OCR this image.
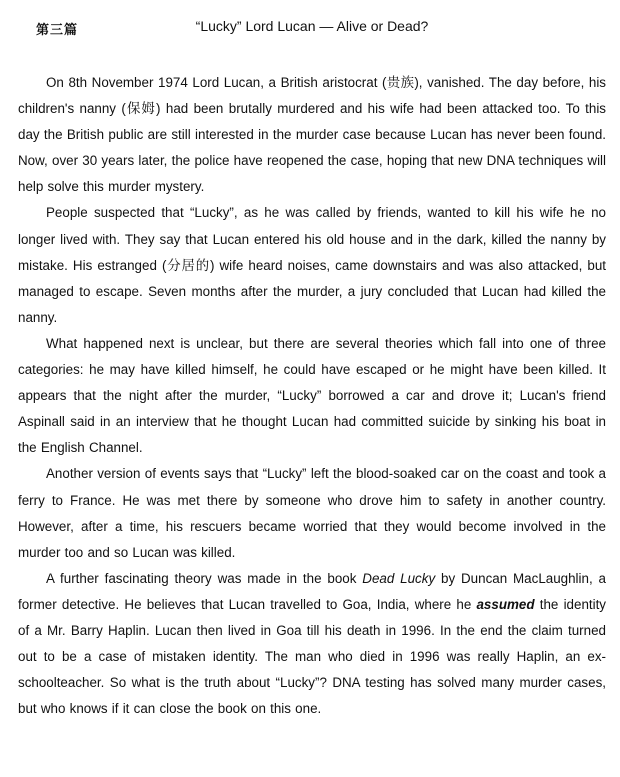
第三篇	“Lucky” Lord Lucan — Alive or Dead?

On 8th November 1974 Lord Lucan, a British aristocrat (贵族), vanished. The day before, his children's nanny (保姆) had been brutally murdered and his wife had been attacked too. To this day the British public are still interested in the murder case because Lucan has never been found. Now, over 30 years later, the police have reopened the case, hoping that new DNA techniques will help solve this murder mystery.

People suspected that “Lucky”, as he was called by friends, wanted to kill his wife he no longer lived with. They say that Lucan entered his old house and in the dark, killed the nanny by mistake. His estranged (分居的) wife heard noises, came downstairs and was also attacked, but managed to escape. Seven months after the murder, a jury concluded that Lucan had killed the nanny.

What happened next is unclear, but there are several theories which fall into one of three categories: he may have killed himself, he could have escaped or he might have been killed. It appears that the night after the murder, “Lucky” borrowed a car and drove it; Lucan's friend Aspinall said in an interview that he thought Lucan had committed suicide by sinking his boat in the English Channel.

Another version of events says that “Lucky” left the blood-soaked car on the coast and took a ferry to France. He was met there by someone who drove him to safety in another country. However, after a time, his rescuers became worried that they would become involved in the murder too and so Lucan was killed.

A further fascinating theory was made in the book Dead Lucky by Duncan MacLaughlin, a former detective. He believes that Lucan travelled to Goa, India, where he assumed the identity of a Mr. Barry Haplin. Lucan then lived in Goa till his death in 1996. In the end the claim turned out to be a case of mistaken identity. The man who died in 1996 was really Haplin, an ex-schoolteacher. So what is the truth about “Lucky”? DNA testing has solved many murder cases, but who knows if it can close the book on this one.
